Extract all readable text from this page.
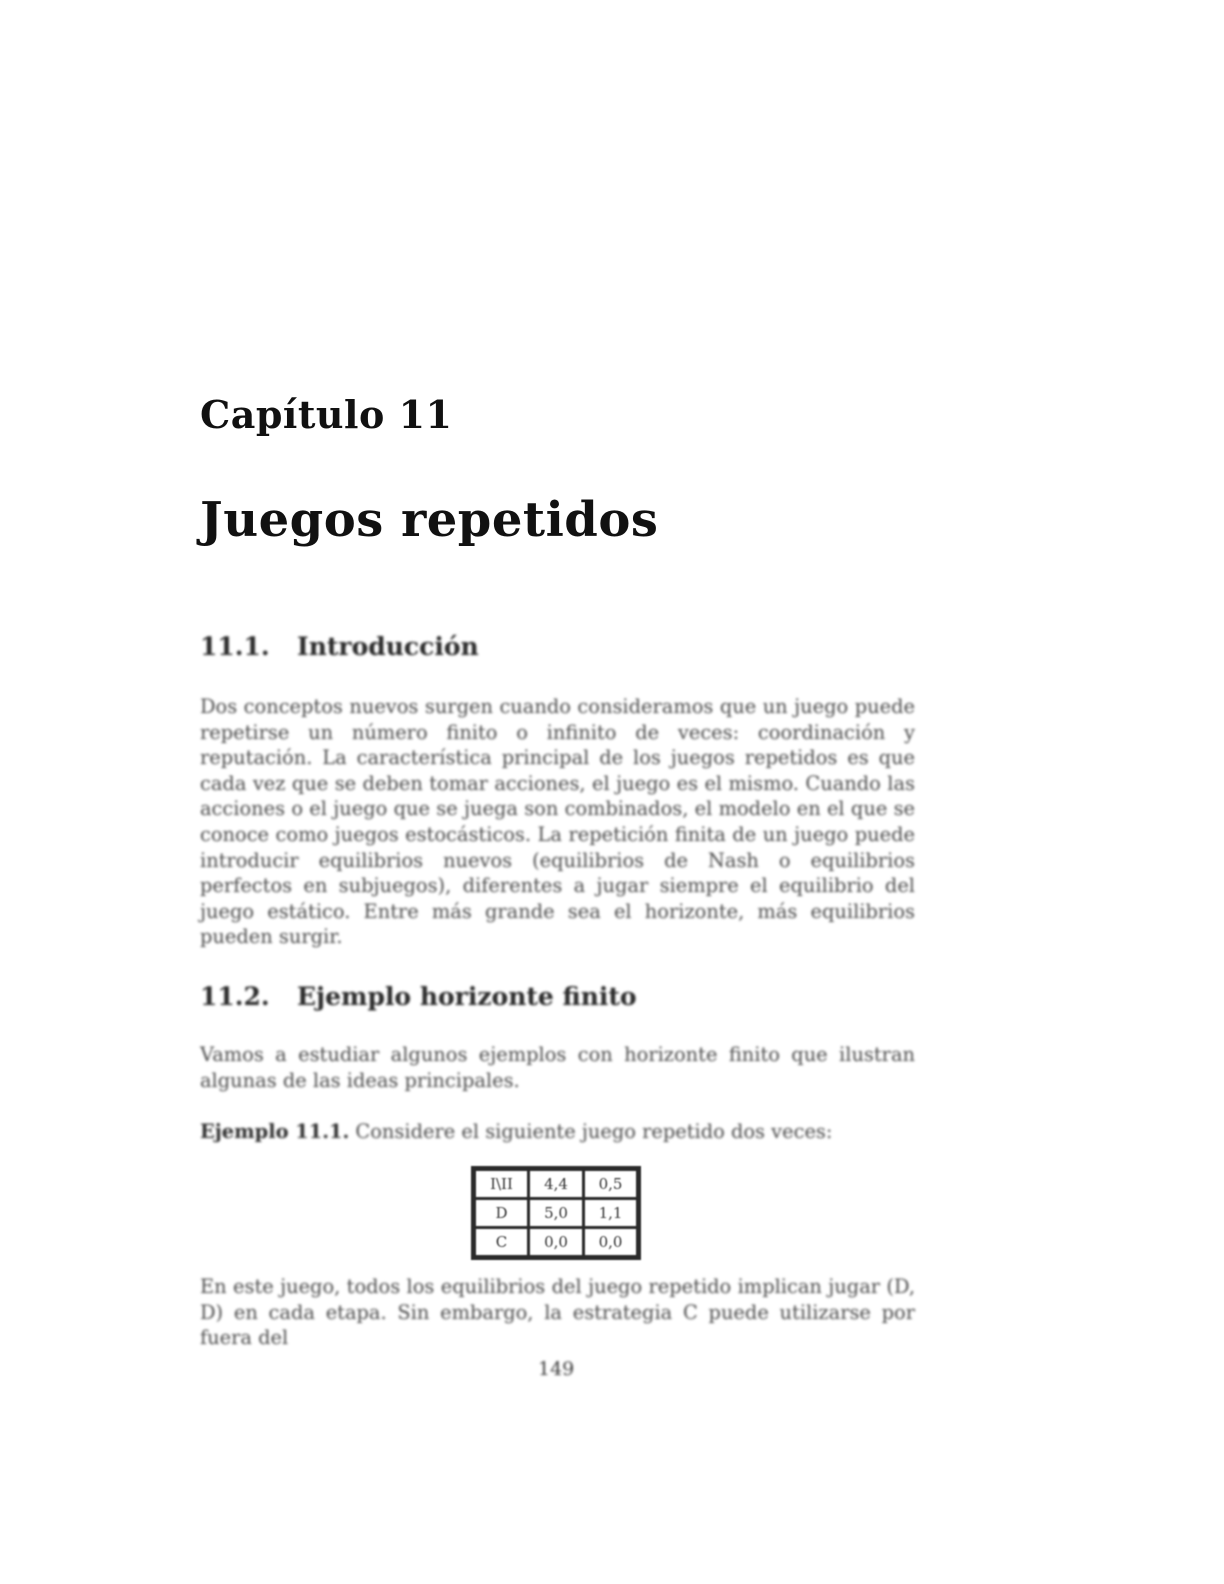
Capítulo 11
Juegos repetidos
11.1. Introducción

Dos conceptos nuevos surgen cuando consideramos que un juego puede repetirse un número finito o infinito de veces: coordinación y reputación. La característica principal de los juegos repetidos es que cada vez que se deben tomar acciones, el juego es el mismo. Cuando las acciones o el juego que se juega son combinados, el modelo en el que se conoce como juegos estocásticos. La repetición finita de un juego puede introducir equilibrios nuevos (equilibrios de Nash o equilibrios perfectos en subjuegos), diferentes a jugar siempre el equilibrio del juego estático. Entre más grande sea el horizonte, más equilibrios pueden surgir.

11.2. Ejemplo horizonte finito

Vamos a estudiar algunos ejemplos con horizonte finito que ilustran algunas de las ideas principales.

Ejemplo 11.1. Considere el siguiente juego repetido dos veces:
I\II	4,4	0,5
D	5,0	1,1
C	0,0	0,0

En este juego, todos los equilibrios del juego repetido implican jugar (D, D) en cada etapa. Sin embargo, la estrategia C puede utilizarse por fuera del

149
